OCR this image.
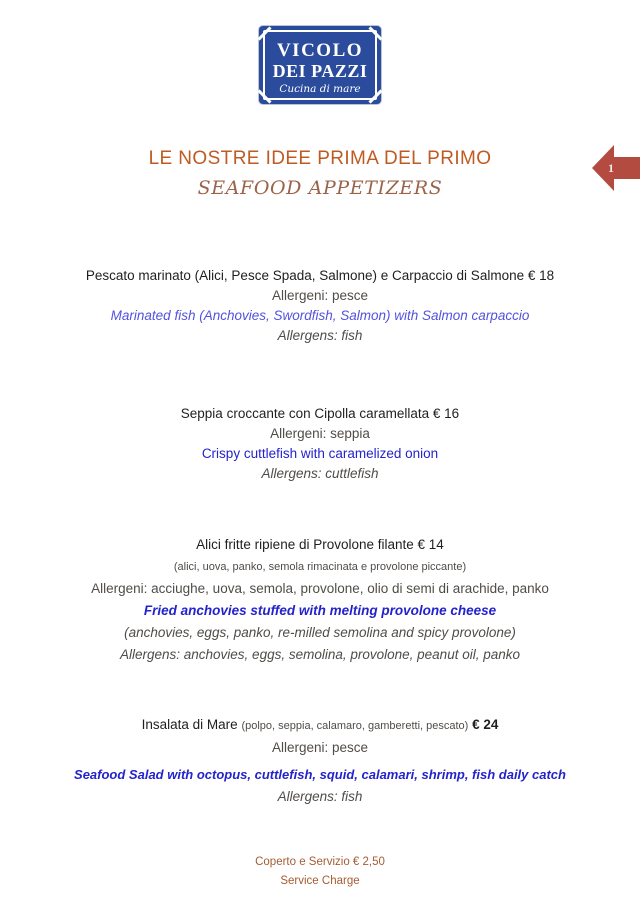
VICOLO
DEI PAZZI
Cucina di mare
1
LE NOSTRE IDEE PRIMA DEL PRIMO
SEAFOOD APPETIZERS
Pescato marinato (Alici, Pesce Spada, Salmone) e Carpaccio di Salmone € 18
Allergeni: pesce
Marinated fish (Anchovies, Swordfish, Salmon) with Salmon carpaccio
Allergens: fish
Seppia croccante con Cipolla caramellata € 16
Allergeni: seppia
Crispy cuttlefish with caramelized onion
Allergens: cuttlefish
Alici fritte ripiene di Provolone filante € 14
(alici, uova, panko, semola rimacinata e provolone piccante)
Allergeni: acciughe, uova, semola, provolone, olio di semi di arachide, panko
Fried anchovies stuffed with melting provolone cheese
(anchovies, eggs, panko, re-milled semolina and spicy provolone)
Allergens: anchovies, eggs, semolina, provolone, peanut oil, panko
Insalata di Mare (polpo, seppia, calamaro, gamberetti, pescato) € 24
Allergeni: pesce
Seafood Salad with octopus, cuttlefish, squid, calamari, shrimp, fish daily catch
Allergens: fish
Coperto e Servizio € 2,50
Service Charge
